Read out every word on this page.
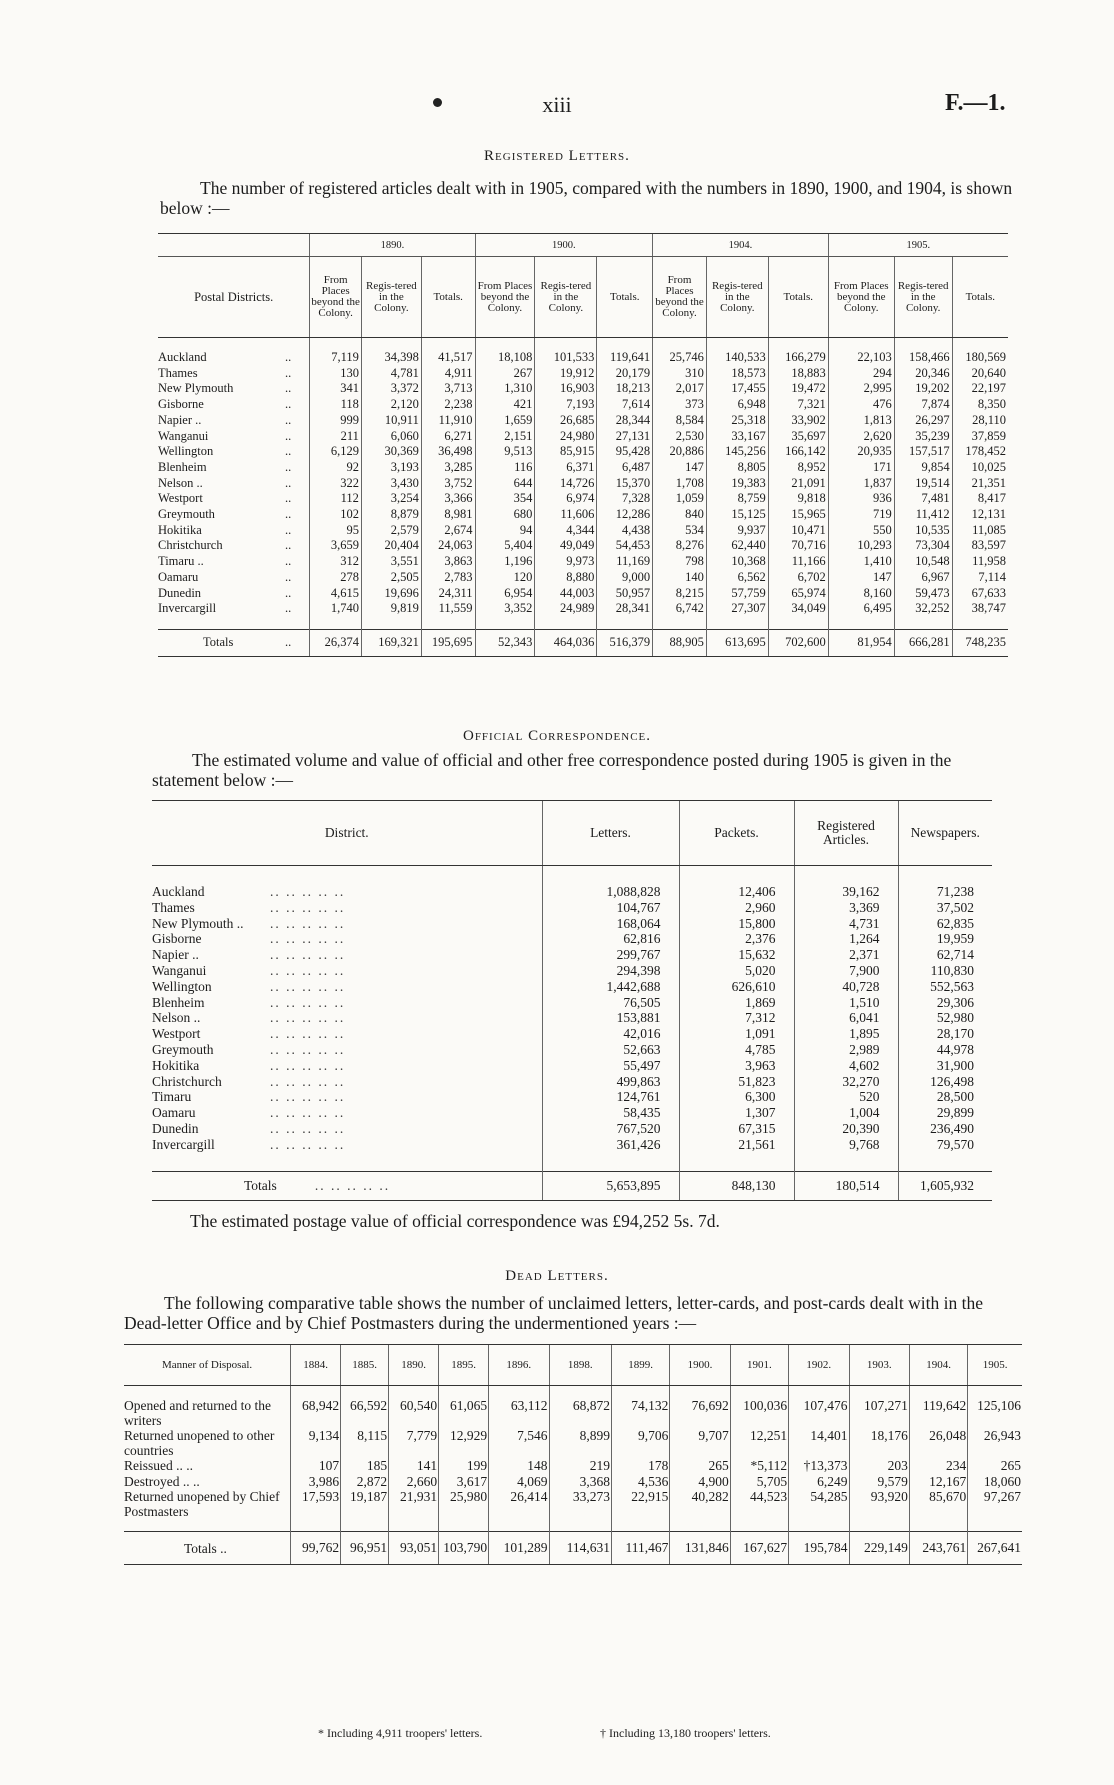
xiii	F.—1.
Registered Letters.
The number of registered articles dealt with in 1905, compared with the numbers in 1890, 1900, and 1904, is shown below :—
		1890.			1900.			1904.			1905.		
Postal Districts.		From Places beyond the Colony.	Regis-tered in the Colony.	Totals.	From Places beyond the Colony.	Regis-tered in the Colony.	Totals.	From Places beyond the Colony.	Regis-tered in the Colony.	Totals.	From Places beyond the Colony.	Regis-tered in the Colony.	Totals.

Auckland	..	7,119	34,398	41,517	18,108	101,533	119,641	25,746	140,533	166,279	22,103	158,466	180,569
Thames	..	130	4,781	4,911	267	19,912	20,179	310	18,573	18,883	294	20,346	20,640
New Plymouth	..	341	3,372	3,713	1,310	16,903	18,213	2,017	17,455	19,472	2,995	19,202	22,197
Gisborne	..	118	2,120	2,238	421	7,193	7,614	373	6,948	7,321	476	7,874	8,350
Napier ..	..	999	10,911	11,910	1,659	26,685	28,344	8,584	25,318	33,902	1,813	26,297	28,110
Wanganui	..	211	6,060	6,271	2,151	24,980	27,131	2,530	33,167	35,697	2,620	35,239	37,859
Wellington	..	6,129	30,369	36,498	9,513	85,915	95,428	20,886	145,256	166,142	20,935	157,517	178,452
Blenheim	..	92	3,193	3,285	116	6,371	6,487	147	8,805	8,952	171	9,854	10,025
Nelson ..	..	322	3,430	3,752	644	14,726	15,370	1,708	19,383	21,091	1,837	19,514	21,351
Westport	..	112	3,254	3,366	354	6,974	7,328	1,059	8,759	9,818	936	7,481	8,417
Greymouth	..	102	8,879	8,981	680	11,606	12,286	840	15,125	15,965	719	11,412	12,131
Hokitika	..	95	2,579	2,674	94	4,344	4,438	534	9,937	10,471	550	10,535	11,085
Christchurch	..	3,659	20,404	24,063	5,404	49,049	54,453	8,276	62,440	70,716	10,293	73,304	83,597
Timaru ..	..	312	3,551	3,863	1,196	9,973	11,169	798	10,368	11,166	1,410	10,548	11,958
Oamaru	..	278	2,505	2,783	120	8,880	9,000	140	6,562	6,702	147	6,967	7,114
Dunedin	..	4,615	19,696	24,311	6,954	44,003	50,957	8,215	57,759	65,974	8,160	59,473	67,633
Invercargill	..	1,740	9,819	11,559	3,352	24,989	28,341	6,742	27,307	34,049	6,495	32,252	38,747

Totals	..	26,374	169,321	195,695	52,343	464,036	516,379	88,905	613,695	702,600	81,954	666,281	748,235
Official Correspondence.
The estimated volume and value of official and other free correspondence posted during 1905 is given in the statement below :—
District.	Letters.	Packets.	Registered Articles.	Newspapers.

Auckland .. .. .. .. ..	1,088,828	12,406	39,162	71,238
Thames .. .. .. .. ..	104,767	2,960	3,369	37,502
New Plymouth .. .. .. .. .. ..	168,064	15,800	4,731	62,835
Gisborne .. .. .. .. ..	62,816	2,376	1,264	19,959
Napier .. .. .. .. .. ..	299,767	15,632	2,371	62,714
Wanganui .. .. .. .. ..	294,398	5,020	7,900	110,830
Wellington .. .. .. .. ..	1,442,688	626,610	40,728	552,563
Blenheim .. .. .. .. ..	76,505	1,869	1,510	29,306
Nelson .. .. .. .. .. ..	153,881	7,312	6,041	52,980
Westport .. .. .. .. ..	42,016	1,091	1,895	28,170
Greymouth .. .. .. .. ..	52,663	4,785	2,989	44,978
Hokitika .. .. .. .. ..	55,497	3,963	4,602	31,900
Christchurch .. .. .. .. ..	499,863	51,823	32,270	126,498
Timaru .. .. .. .. ..	124,761	6,300	520	28,500
Oamaru .. .. .. .. ..	58,435	1,307	1,004	29,899
Dunedin .. .. .. .. ..	767,520	67,315	20,390	236,490
Invercargill .. .. .. .. ..	361,426	21,561	9,768	79,570

Totals .. .. .. .. ..	5,653,895	848,130	180,514	1,605,932
The estimated postage value of official correspondence was £94,252 5s. 7d.
Dead Letters.
The following comparative table shows the number of unclaimed letters, letter-cards, and post-cards dealt with in the Dead-letter Office and by Chief Postmasters during the undermentioned years :—
Manner of Disposal.	1884.	1885.	1890.	1895.	1896.	1898.	1899.	1900.	1901.	1902.	1903.	1904.	1905.

Opened and returned to the writers	68,942	66,592	60,540	61,065	63,112	68,872	74,132	76,692	100,036	107,476	107,271	119,642	125,106
Returned unopened to other countries	9,134	8,115	7,779	12,929	7,546	8,899	9,706	9,707	12,251	14,401	18,176	26,048	26,943
Reissued .. ..	107	185	141	199	148	219	178	265	*5,112	†13,373	203	234	265
Destroyed .. ..	3,986	2,872	2,660	3,617	4,069	3,368	4,536	4,900	5,705	6,249	9,579	12,167	18,060
Returned unopened by Chief Postmasters	17,593	19,187	21,931	25,980	26,414	33,273	22,915	40,282	44,523	54,285	93,920	85,670	97,267

Totals ..	99,762	96,951	93,051	103,790	101,289	114,631	111,467	131,846	167,627	195,784	229,149	243,761	267,641
* Including 4,911 troopers' letters.	† Including 13,180 troopers' letters.
